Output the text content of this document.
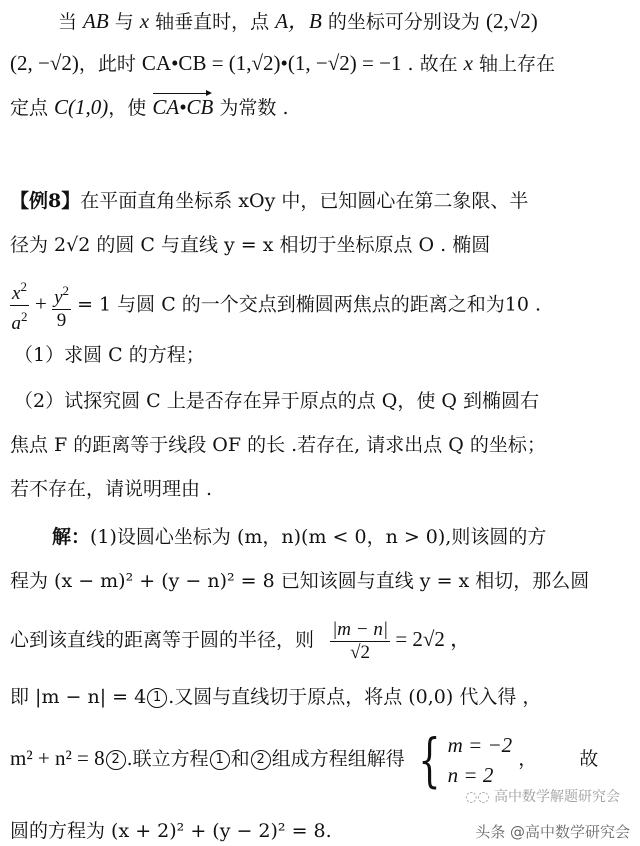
当 AB 与 x 轴垂直时，点 A，B 的坐标可分别设为 (2,√2)
(2, −√2)，此时 CA•CB = (1,√2)•(1, −√2) = −1 . 故在 x 轴上存在
定点 C(1,0)，使 CA•CB 为常数 .
【例8】在平面直角坐标系 xOy 中，已知圆心在第二象限、半
径为 2√2 的圆 C 与直线 y = x 相切于坐标原点 O . 椭圆
$\frac{x^2}{a^2} + \frac{y^2}{9} = 1$ 与圆 C 的一个交点到椭圆两焦点的距离之和为10 .
（1）求圆 C 的方程；
（2）试探究圆 C 上是否存在异于原点的点 Q，使 Q 到椭圆右
焦点 F 的距离等于线段 OF 的长 .若存在, 请求出点 Q 的坐标；
若不存在，请说明理由 .
解：(1)设圆心坐标为 (m，n)(m < 0，n > 0),则该圆的方
程为 (x − m)² + (y − n)² = 8 已知该圆与直线 y = x 相切，那么圆
心到该直线的距离等于圆的半径，则 $\frac{|m - n|}{√2} = 2√2$ ，
即 |m − n| = 4 1 .又圆与直线切于原点，将点 (0,0) 代入得 ，
m² + n² = 8 2 .联立方程 1 和 2 组成方程组解得 { m = −2
n = 2
， 故
圆的方程为 (x + 2)² + (y − 2)² = 8.
◌◌ 高中数学解题研究会
头条 @高中数学研究会
